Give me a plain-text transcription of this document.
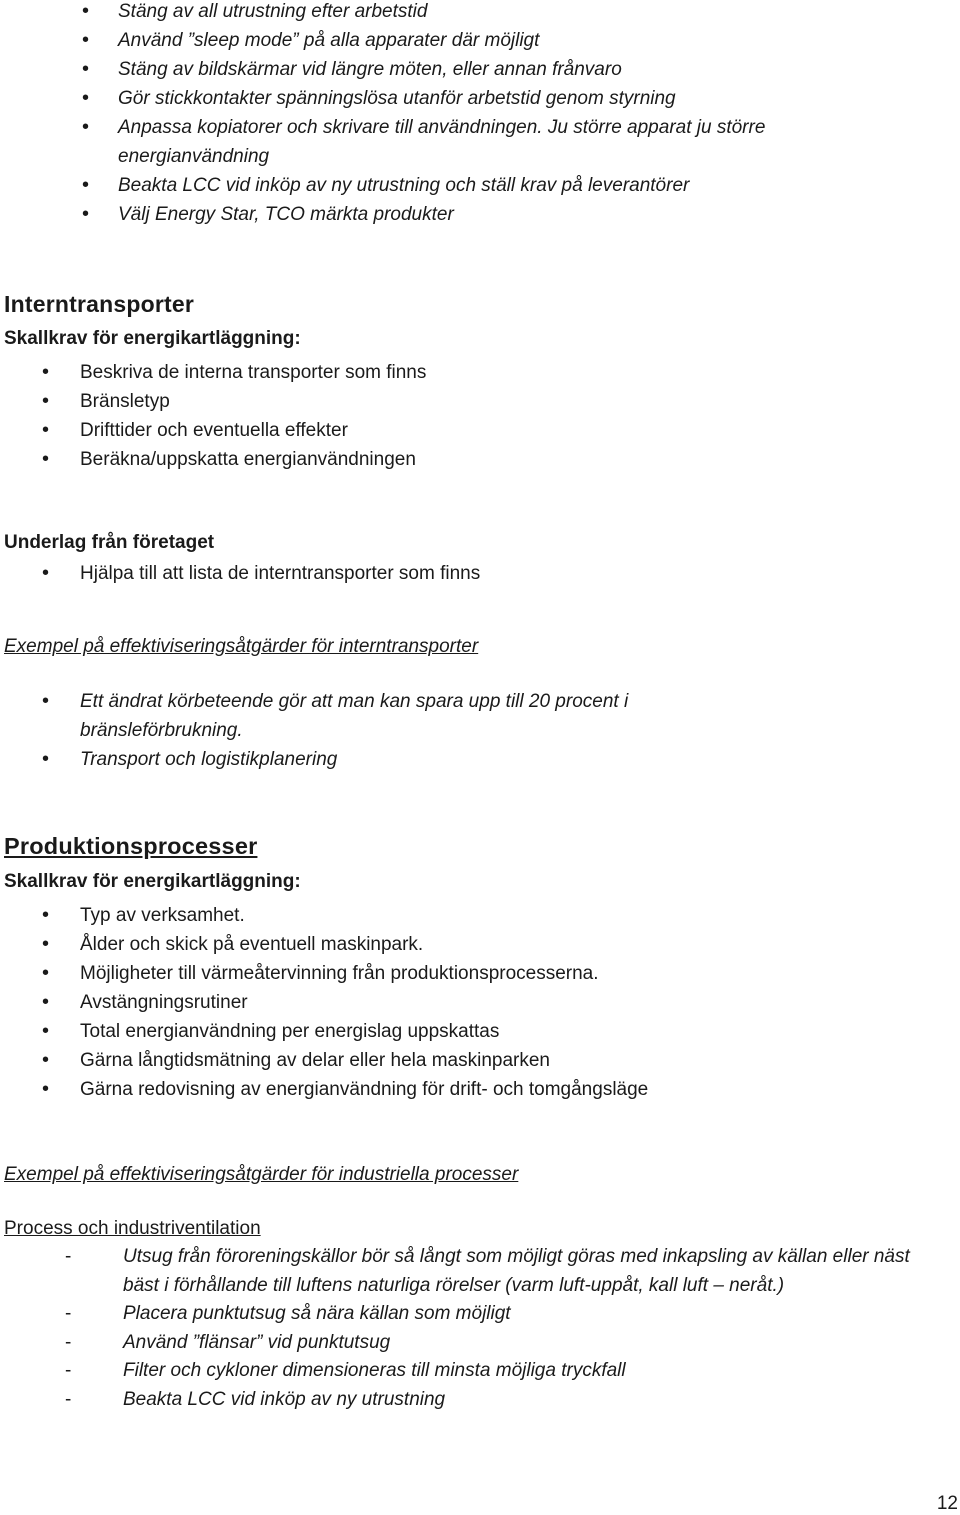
• Stäng av all utrustning efter arbetstid
• Använd ”sleep mode” på alla apparater där möjligt
• Stäng av bildskärmar vid längre möten, eller annan frånvaro
• Gör stickkontakter spänningslösa utanför arbetstid genom styrning
• Anpassa kopiatorer och skrivare till användningen. Ju större apparat ju större energianvändning
• Beakta LCC vid inköp av ny utrustning och ställ krav på leverantörer
• Välj Energy Star, TCO märkta produkter
Interntransporter

Skallkrav för energikartläggning:

• Beskriva de interna transporter som finns
• Bränsletyp
• Drifttider och eventuella effekter
• Beräkna/uppskatta energianvändningen

Underlag från företaget

• Hjälpa till att lista de interntransporter som finns

Exempel på effektiviseringsåtgärder för interntransporter

• Ett ändrat körbeteende gör att man kan spara upp till 20 procent i bränsleförbrukning.
• Transport och logistikplanering
Produktionsprocesser

Skallkrav för energikartläggning:

• Typ av verksamhet.
• Ålder och skick på eventuell maskinpark.
• Möjligheter till värmeåtervinning från produktionsprocesserna.
• Avstängningsrutiner
• Total energianvändning per energislag uppskattas
• Gärna långtidsmätning av delar eller hela maskinparken
• Gärna redovisning av energianvändning för drift- och tomgångsläge

Exempel på effektiviseringsåtgärder för industriella processer

Process och industriventilation

- Utsug från föroreningskällor bör så långt som möjligt göras med inkapsling av källan eller näst bäst i förhållande till luftens naturliga rörelser (varm luft-uppåt, kall luft – neråt.)
- Placera punktutsug så nära källan som möjligt
- Använd ”flänsar” vid punktutsug
- Filter och cykloner dimensioneras till minsta möjliga tryckfall
- Beakta LCC vid inköp av ny utrustning
12
